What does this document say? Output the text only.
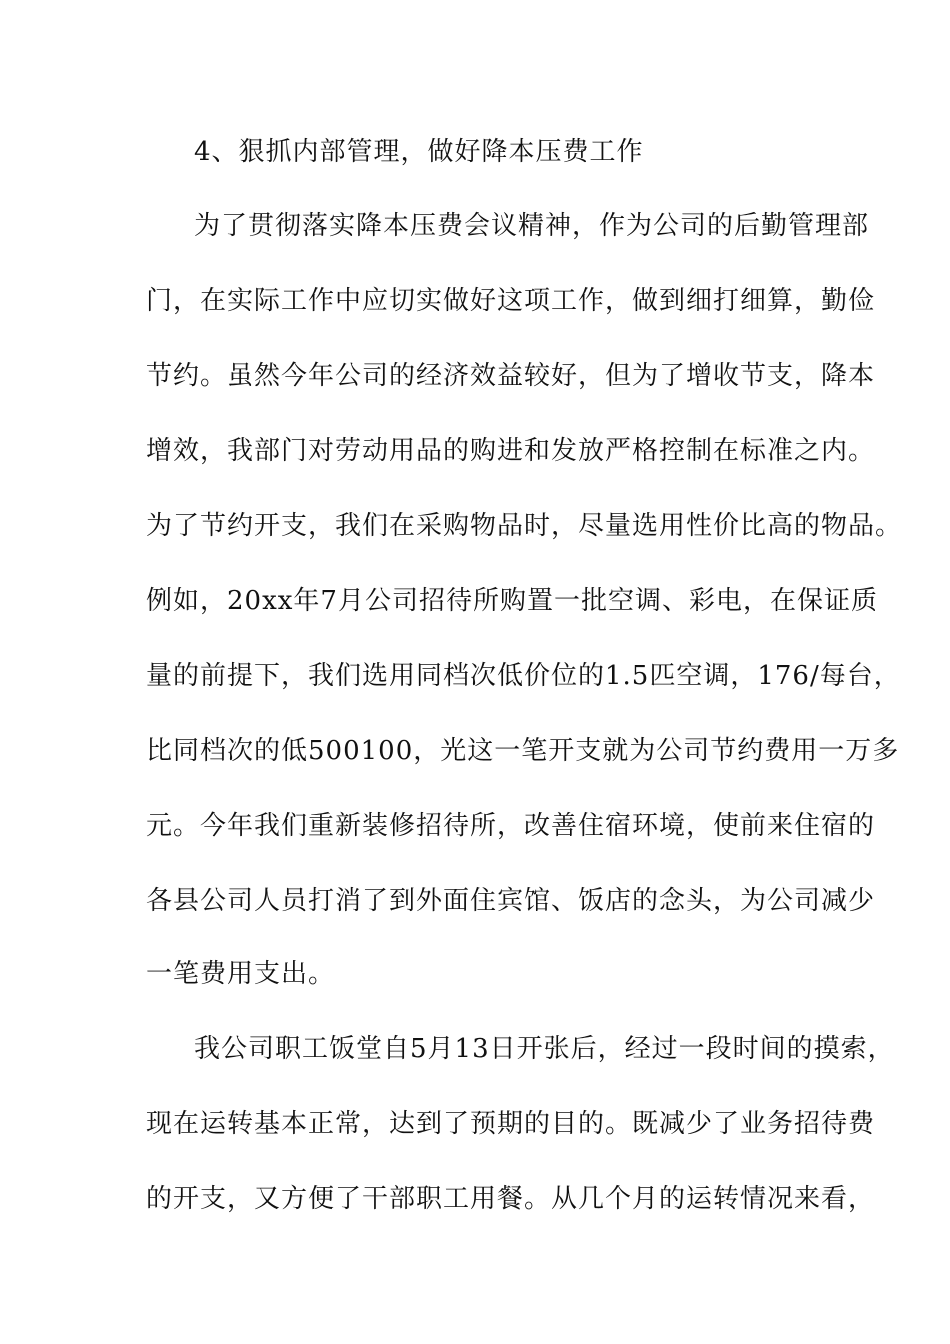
4、狠抓内部管理，做好降本压费工作
为了贯彻落实降本压费会议精神，作为公司的后勤管理部
门，在实际工作中应切实做好这项工作，做到细打细算，勤俭
节约。虽然今年公司的经济效益较好，但为了增收节支，降本
增效，我部门对劳动用品的购进和发放严格控制在标准之内。
为了节约开支，我们在采购物品时，尽量选用性价比高的物品。
例如，20xx年7月公司招待所购置一批空调、彩电，在保证质
量的前提下，我们选用同档次低价位的1.5匹空调，176/每台，
比同档次的低500100，光这一笔开支就为公司节约费用一万多
元。今年我们重新装修招待所，改善住宿环境，使前来住宿的
各县公司人员打消了到外面住宾馆、饭店的念头，为公司减少
一笔费用支出。
我公司职工饭堂自5月13日开张后，经过一段时间的摸索，
现在运转基本正常，达到了预期的目的。既减少了业务招待费
的开支，又方便了干部职工用餐。从几个月的运转情况来看，
